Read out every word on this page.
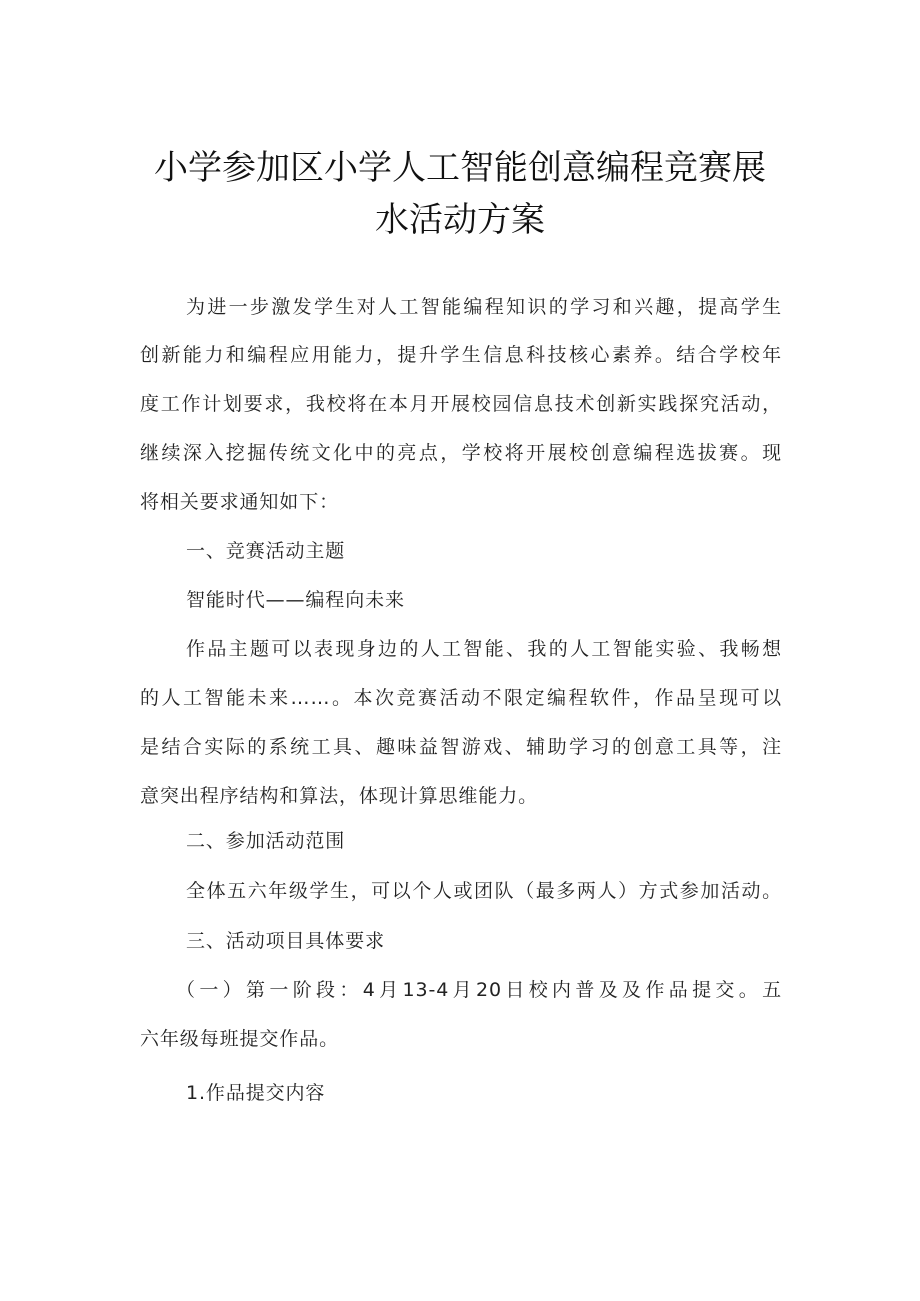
小学参加区小学人工智能创意编程竞赛展
水活动方案

为进一步激发学生对人工智能编程知识的学习和兴趣，提高学生

创新能力和编程应用能力，提升学生信息科技核心素养。结合学校年

度工作计划要求，我校将在本月开展校园信息技术创新实践探究活动，

继续深入挖掘传统文化中的亮点，学校将开展校创意编程选拔赛。现

将相关要求通知如下：

一、竞赛活动主题

智能时代——编程向未来

作品主题可以表现身边的人工智能、我的人工智能实验、我畅想

的人工智能未来……。本次竞赛活动不限定编程软件，作品呈现可以

是结合实际的系统工具、趣味益智游戏、辅助学习的创意工具等，注

意突出程序结构和算法，体现计算思维能力。

二、参加活动范围

全体五六年级学生，可以个人或团队（最多两人）方式参加活动。

三、活动项目具体要求

（一）第一阶段：4月13-4月20日校内普及及作品提交。五

六年级每班提交作品。

1.作品提交内容
